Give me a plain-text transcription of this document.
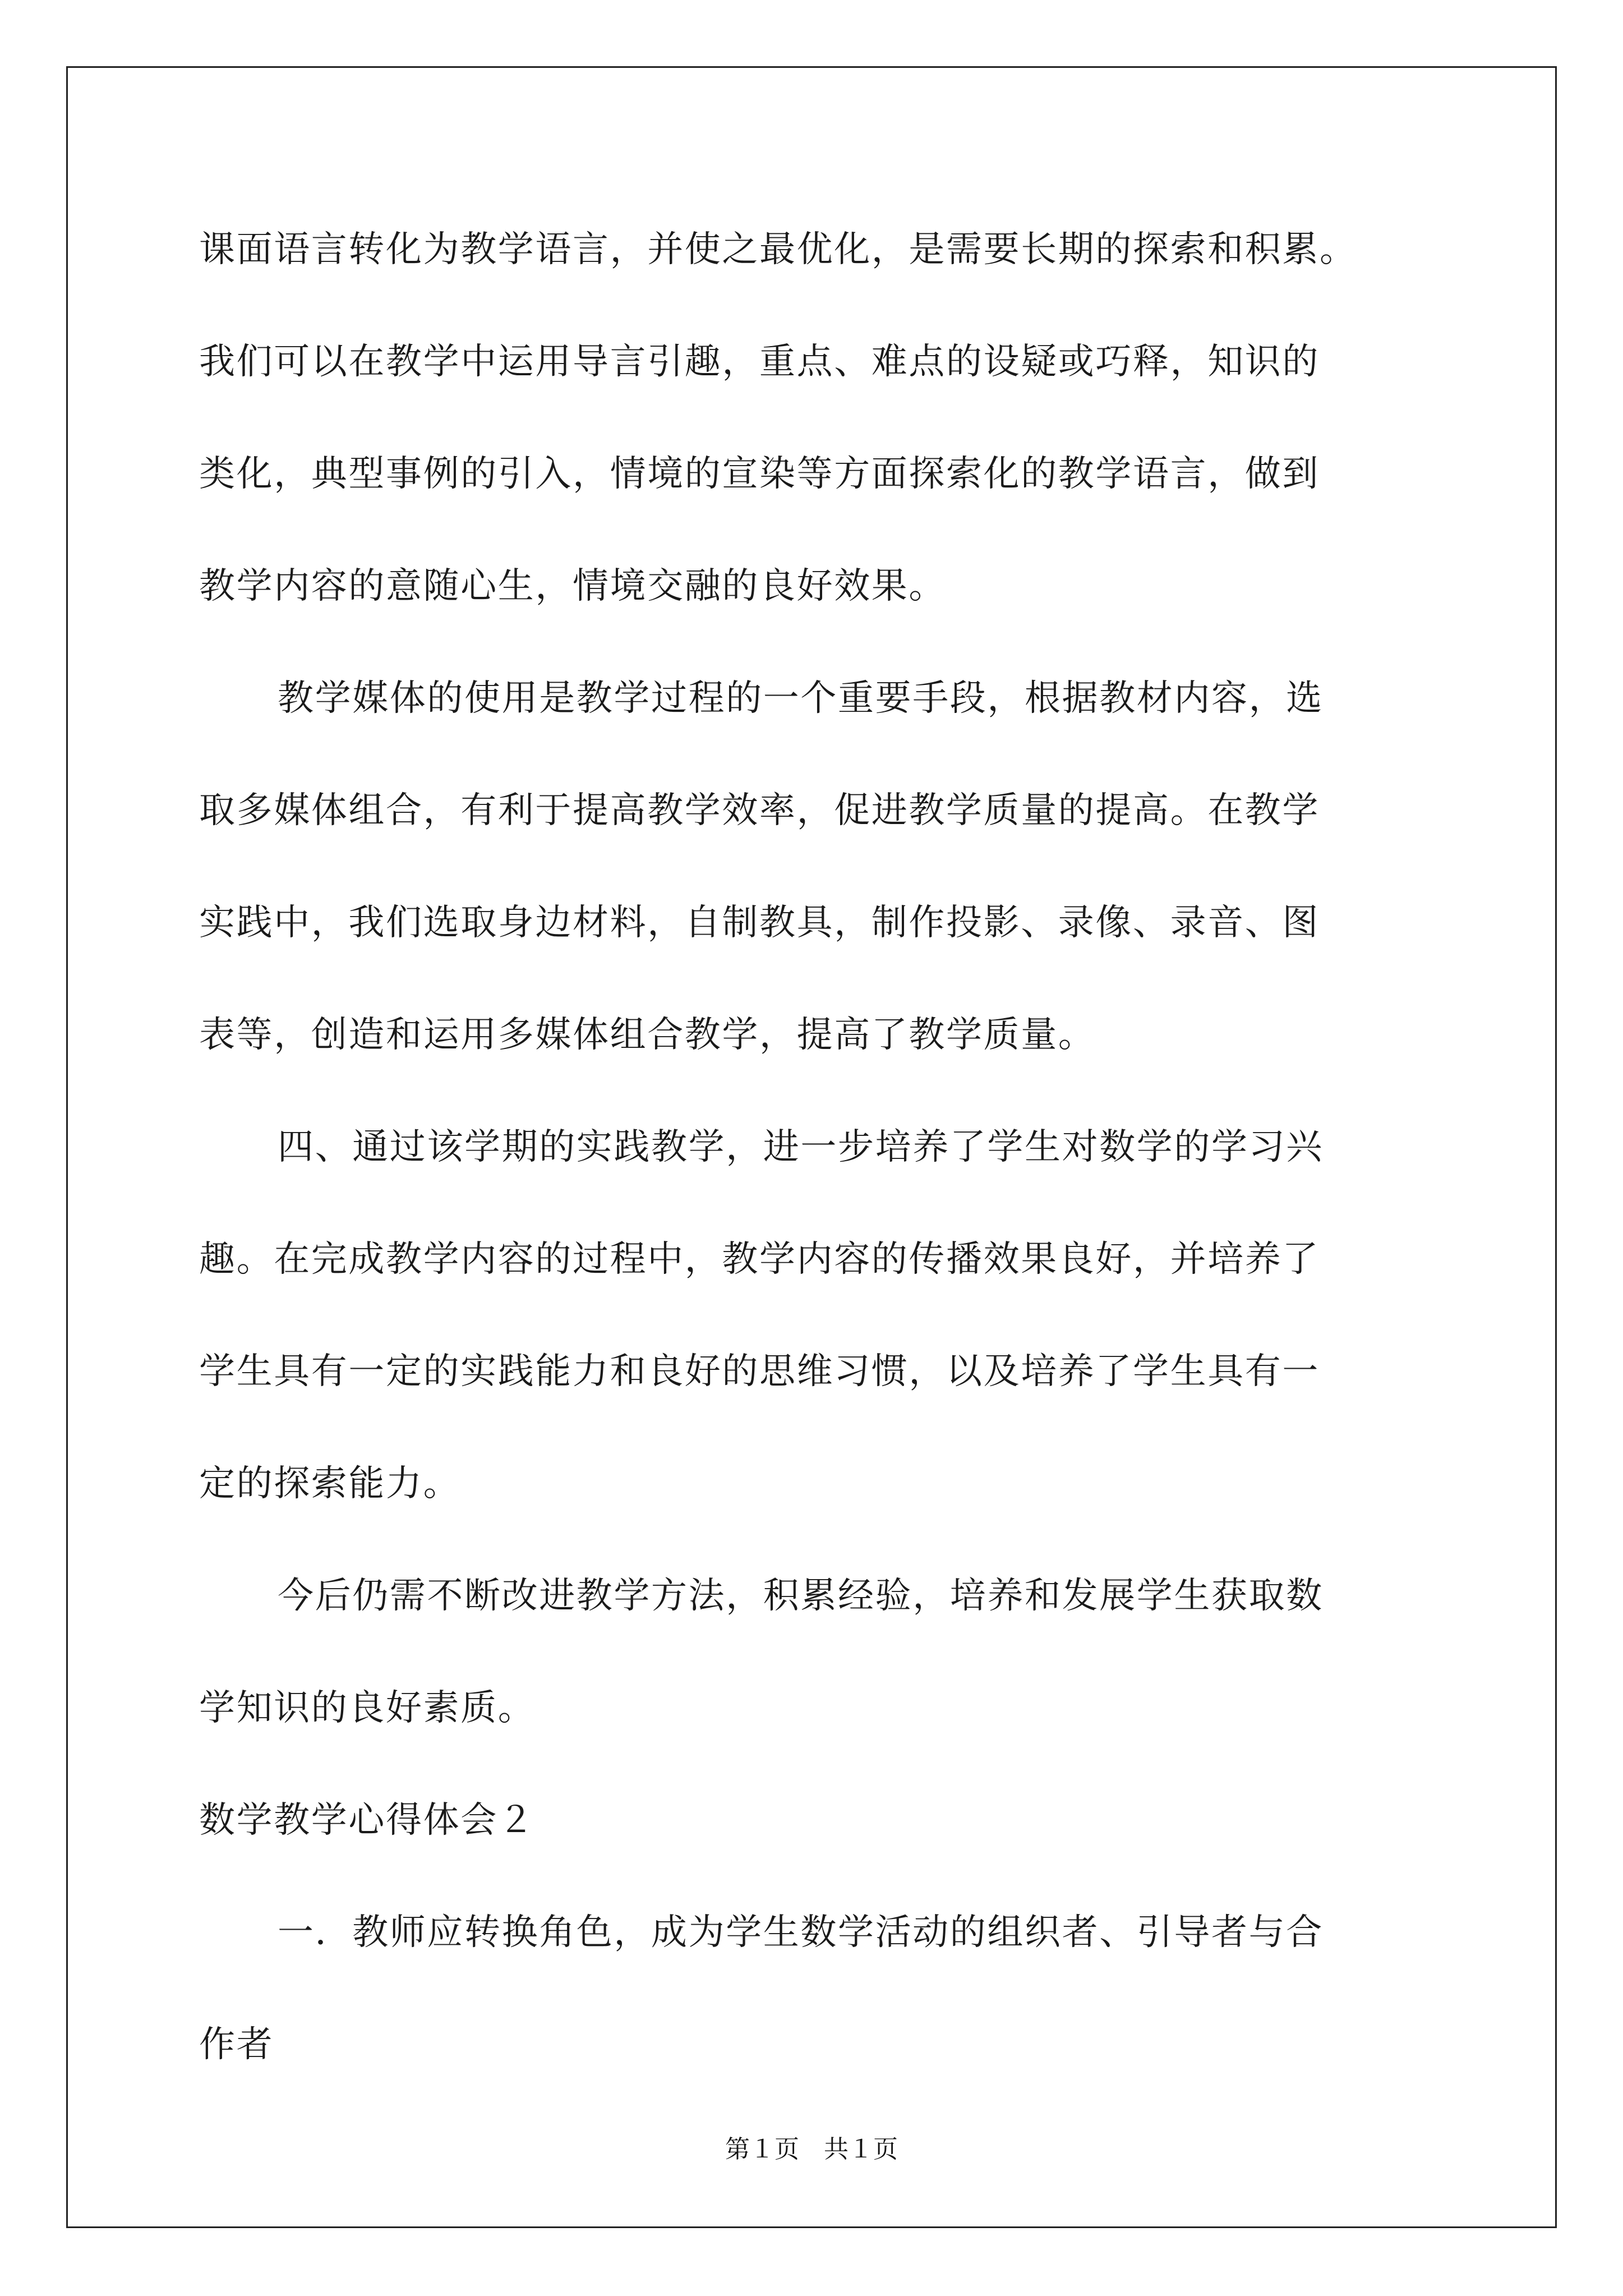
课面语言转化为教学语言，并使之最优化，是需要长期的探索和积累。
我们可以在教学中运用导言引趣，重点、难点的设疑或巧释，知识的
类化，典型事例的引入，情境的宣染等方面探索化的教学语言，做到
教学内容的意随心生，情境交融的良好效果。
教学媒体的使用是教学过程的一个重要手段，根据教材内容，选
取多媒体组合，有利于提高教学效率，促进教学质量的提高。在教学
实践中，我们选取身边材料，自制教具，制作投影、录像、录音、图
表等，创造和运用多媒体组合教学，提高了教学质量。
四、通过该学期的实践教学，进一步培养了学生对数学的学习兴
趣。在完成教学内容的过程中，教学内容的传播效果良好，并培养了
学生具有一定的实践能力和良好的思维习惯，以及培养了学生具有一
定的探索能力。
今后仍需不断改进教学方法，积累经验，培养和发展学生获取数
学知识的良好素质。
数学教学心得体会２
一．教师应转换角色，成为学生数学活动的组织者、引导者与合
作者
第１页　共１页
